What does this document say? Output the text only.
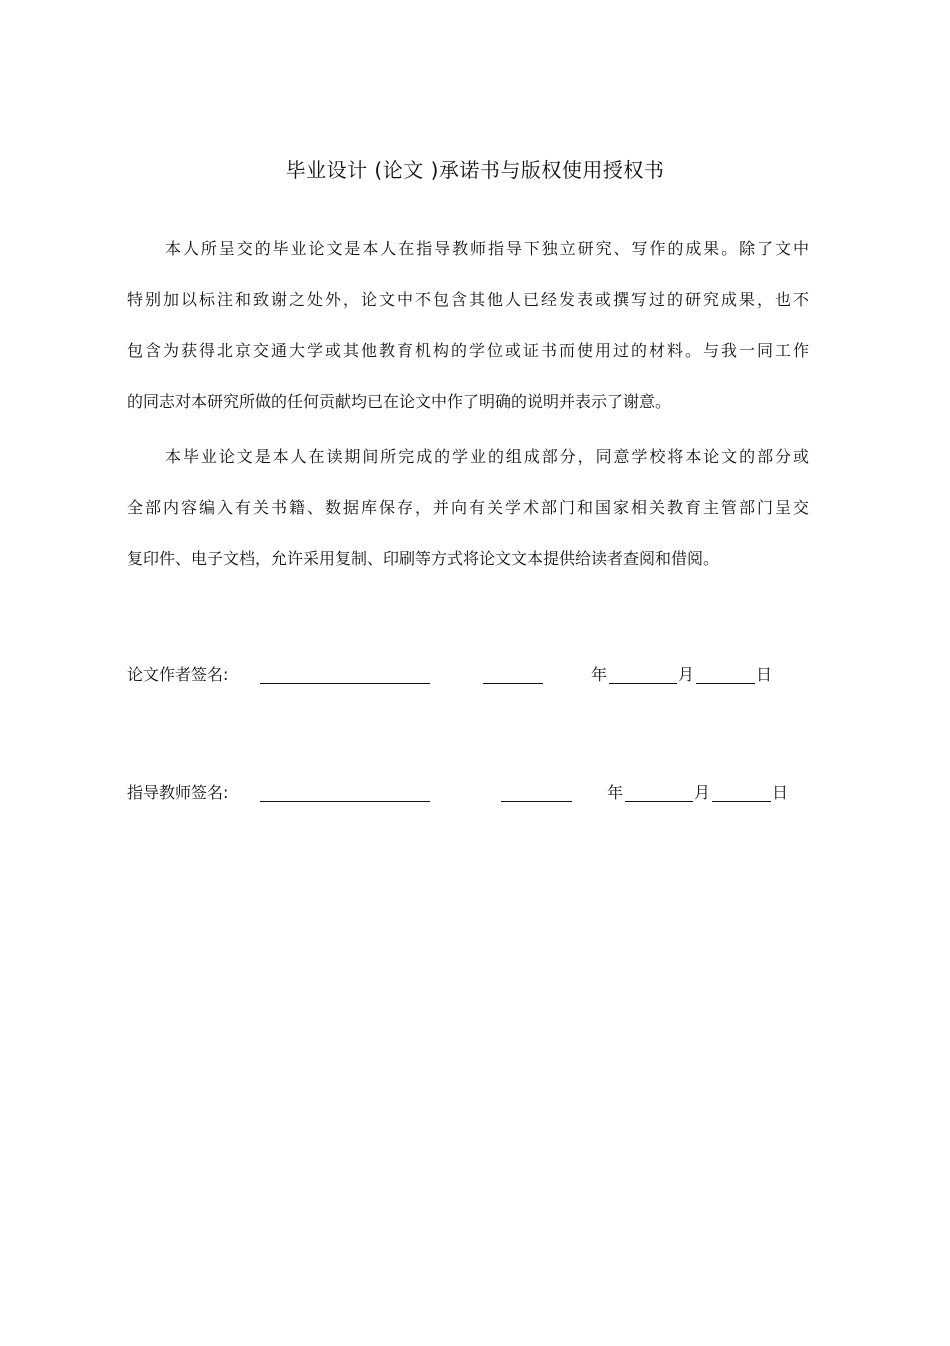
毕业设计 (论文 )承诺书与版权使用授权书
本人所呈交的毕业论文是本人在指导教师指导下独立研究、写作的成果。除了文中
特别加以标注和致谢之处外，论文中不包含其他人已经发表或撰写过的研究成果，也不
包含为获得北京交通大学或其他教育机构的学位或证书而使用过的材料。与我一同工作
的同志对本研究所做的任何贡献均已在论文中作了明确的说明并表示了谢意。
本毕业论文是本人在读期间所完成的学业的组成部分，同意学校将本论文的部分或
全部内容编入有关书籍、数据库保存，并向有关学术部门和国家相关教育主管部门呈交
复印件、电子文档，允许采用复制、印刷等方式将论文文本提供给读者查阅和借阅。
论文作者签名:	年	月	日
指导教师签名:	年	月	日
